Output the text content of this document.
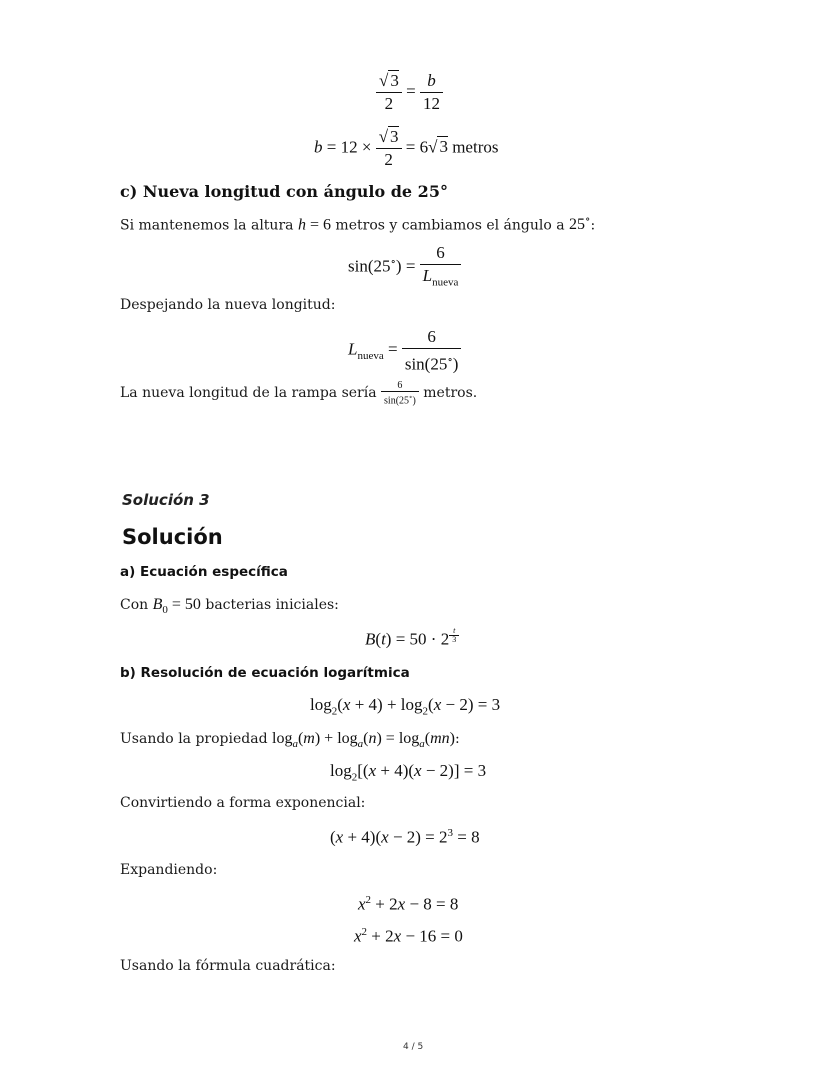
$\frac{√ 3}{2} = \frac{b}{12}$
$b = 12 \times \frac{√ 3}{2} = 6√$ 3 metros
c) Nueva longitud con ángulo de 25°
Si mantenemos la altura h = 6 metros y cambiamos el ángulo a 25∘:
$\sin(25^\circ) = \frac{6}{L_{nueva}}$
Despejando la nueva longitud:
$L_{nueva} = \frac{6}{\sin(25^\circ)}$
La nueva longitud de la rampa sería $\frac{6}{\sin(25^\circ)}$ metros.
Solución 3
Solución
a) Ecuación específica
Con $B_0 = 50$ bacterias iniciales:
B(t) = 50 · 2 $^{\frac{t}{3}}$
b) Resolución de ecuación logarítmica
$\log_2(x + 4) + \log_2(x - 2) = 3$
Usando la propiedad $\log_a(m) + \log_a(n) = \log_a(mn)$:
$\log_2[(x + 4)(x - 2)] = 3$
Convirtiendo a forma exponencial:
$(x + 4)(x - 2) = 2^3 = 8$
Expandiendo:
$x^2 + 2x - 8 = 8$
$x^2 + 2x - 16 = 0$
Usando la fórmula cuadrática:
4 / 5
